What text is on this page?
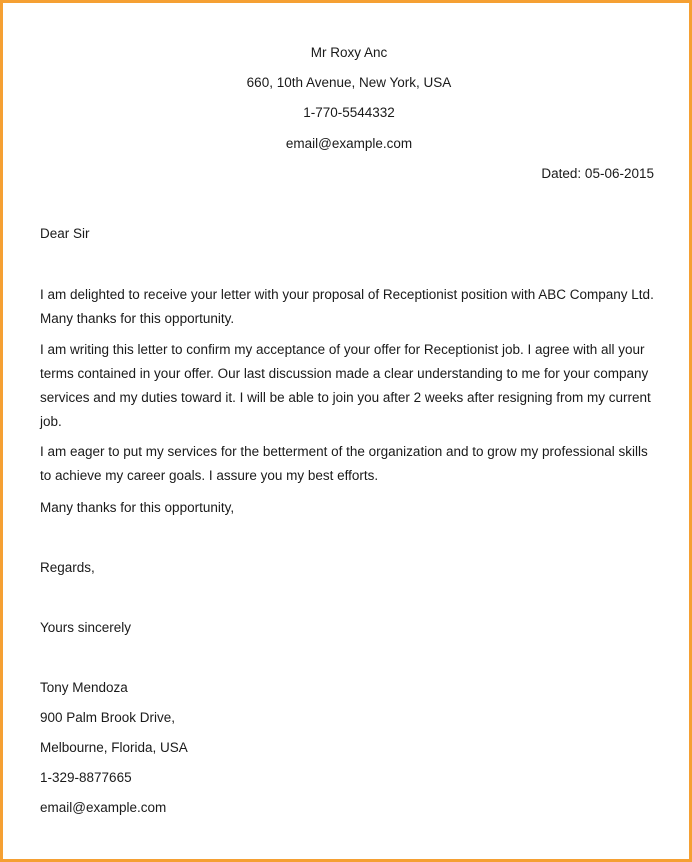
Mr Roxy Anc

660, 10th Avenue, New York, USA

1-770-5544332

email@example.com

Dated: 05-06-2015

Dear Sir

I am delighted to receive your letter with your proposal of Receptionist position with ABC Company Ltd. Many thanks for this opportunity.

I am writing this letter to confirm my acceptance of your offer for Receptionist job. I agree with all your terms contained in your offer. Our last discussion made a clear understanding to me for your company services and my duties toward it. I will be able to join you after 2 weeks after resigning from my current job.

I am eager to put my services for the betterment of the organization and to grow my professional skills to achieve my career goals. I assure you my best efforts.

Many thanks for this opportunity,

Regards,

Yours sincerely

Tony Mendoza

900 Palm Brook Drive,

Melbourne, Florida, USA

1-329-8877665

email@example.com
